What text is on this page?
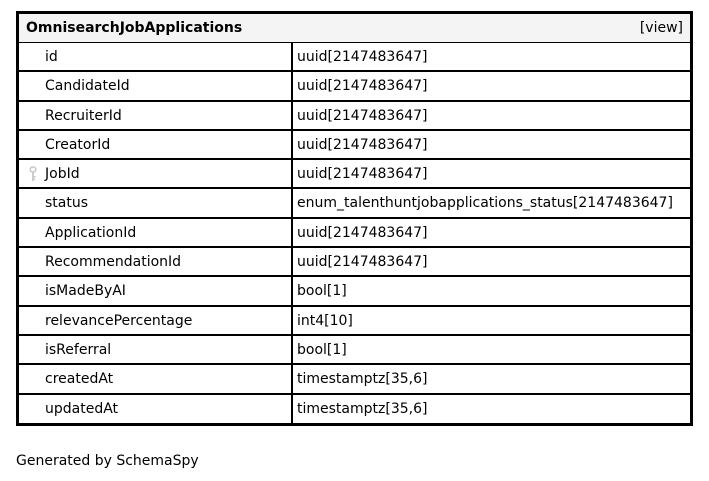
OmnisearchJobApplications	[view]
id	uuid[2147483647]
CandidateId	uuid[2147483647]
RecruiterId	uuid[2147483647]
CreatorId	uuid[2147483647]
JobId	uuid[2147483647]
status	enum_talenthuntjobapplications_status[2147483647]
ApplicationId	uuid[2147483647]
RecommendationId	uuid[2147483647]
isMadeByAI	bool[1]
relevancePercentage	int4[10]
isReferral	bool[1]
createdAt	timestamptz[35,6]
updatedAt	timestamptz[35,6]
Generated by SchemaSpy
